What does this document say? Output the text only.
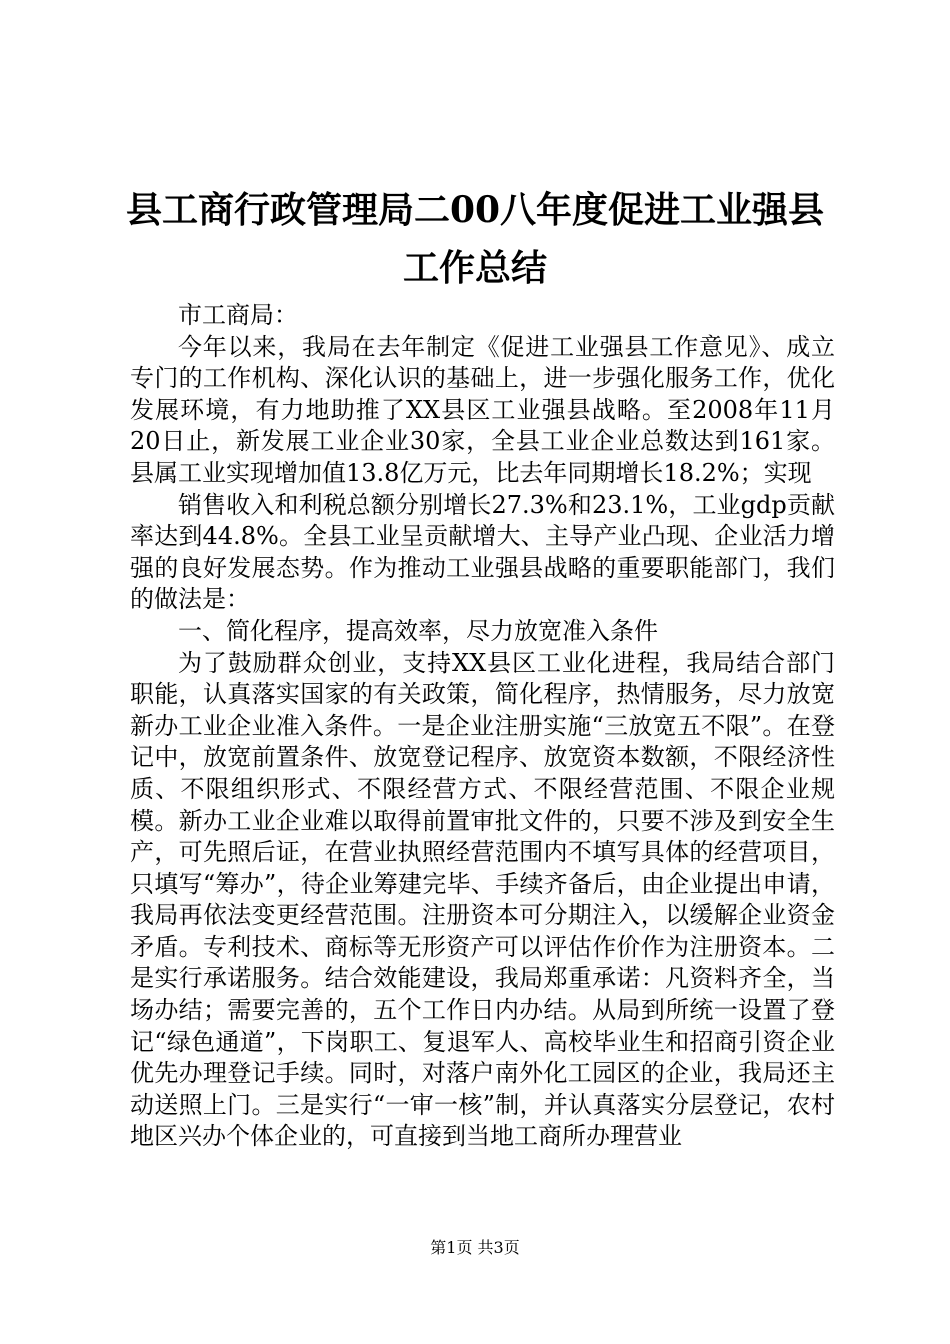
县工商行政管理局二00八年度促进工业强县
工作总结

市工商局：

今年以来，我局在去年制定《促进工业强县工作意见》、成立专门的工作机构、深化认识的基础上，进一步强化服务工作，优化发展环境，有力地助推了XX县区工业强县战略。至2008年11月20日止，新发展工业企业30家，全县工业企业总数达到161家。县属工业实现增加值13.8亿万元，比去年同期增长18.2%；实现

销售收入和利税总额分别增长27.3%和23.1%，工业gdp贡献率达到44.8%。全县工业呈贡献增大、主导产业凸现、企业活力增强的良好发展态势。作为推动工业强县战略的重要职能部门，我们的做法是：

一、简化程序，提高效率，尽力放宽准入条件

为了鼓励群众创业，支持XX县区工业化进程，我局结合部门职能，认真落实国家的有关政策，简化程序，热情服务，尽力放宽新办工业企业准入条件。一是企业注册实施“三放宽五不限”。在登记中，放宽前置条件、放宽登记程序、放宽资本数额，不限经济性质、不限组织形式、不限经营方式、不限经营范围、不限企业规模。新办工业企业难以取得前置审批文件的，只要不涉及到安全生产，可先照后证，在营业执照经营范围内不填写具体的经营项目，只填写“筹办”，待企业筹建完毕、手续齐备后，由企业提出申请，我局再依法变更经营范围。注册资本可分期注入，以缓解企业资金矛盾。专利技术、商标等无形资产可以评估作价作为注册资本。二是实行承诺服务。结合效能建设，我局郑重承诺：凡资料齐全，当场办结；需要完善的，五个工作日内办结。从局到所统一设置了登记“绿色通道”，下岗职工、复退军人、高校毕业生和招商引资企业优先办理登记手续。同时，对落户南外化工园区的企业，我局还主动送照上门。三是实行“一审一核”制，并认真落实分层登记，农村地区兴办个体企业的，可直接到当地工商所办理营业

第1页 共3页
